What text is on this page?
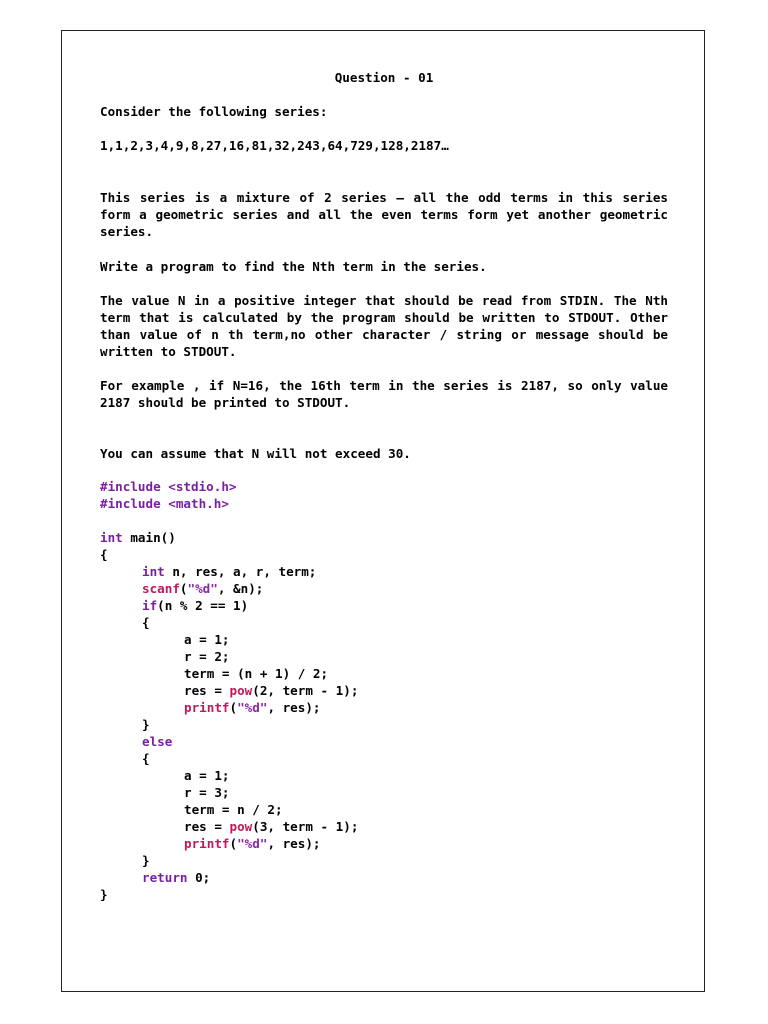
Question - 01
Consider the following series:
1,1,2,3,4,9,8,27,16,81,32,243,64,729,128,2187…
This series is a mixture of 2 series – all the odd terms in this series form a geometric series and all the even terms form yet another geometric series.
Write a program to find the Nth term in the series.
The value N in a positive integer that should be read from STDIN. The Nth term that is calculated by the program should be written to STDOUT. Other than value of n th term,no other character / string or message should be written to STDOUT.
For example , if N=16, the 16th term in the series is 2187, so only value 2187 should be printed to STDOUT.
You can assume that N will not exceed 30.
#include <stdio.h>
#include <math.h>
int main()
{
int n, res, a, r, term;
scanf("%d", &n);
if(n % 2 == 1)
{
a = 1;
r = 2;
term = (n + 1) / 2;
res = pow(2, term - 1);
printf("%d", res);
}
else
{
a = 1;
r = 3;
term = n / 2;
res = pow(3, term - 1);
printf("%d", res);
}
return 0;
}
